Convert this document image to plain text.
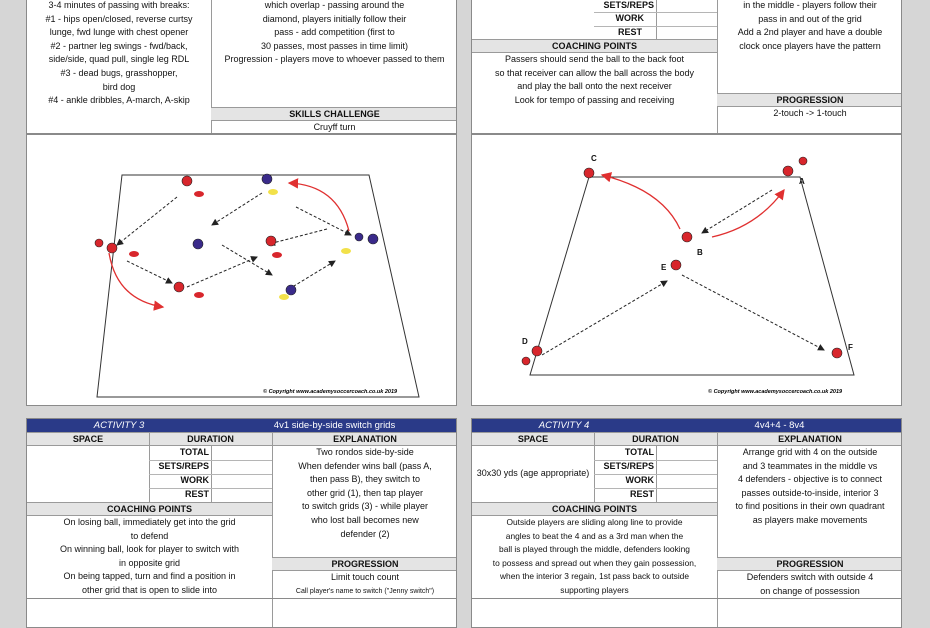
3-4 minutes of passing with breaks:
#1 - hips open/closed, reverse curtsy
lunge, fwd lunge with chest opener
#2 - partner leg swings - fwd/back,
side/side, quad pull, single leg RDL
#3 - dead bugs, grasshopper,
bird dog
#4 - ankle dribbles, A-march, A-skip
which overlap - passing around the
diamond, players initially follow their
pass - add competition (first to
30 passes, most passes in time limit)
Progression - players move to whoever passed to them
SKILLS CHALLENGE
Cruyff turn
SETS/REPS
WORK
REST
COACHING POINTS
Passers should send the ball to the back foot
so that receiver can allow the ball across the body
and play the ball onto the next receiver
Look for tempo of passing and receiving
in the middle - players follow their
pass in and out of the grid
Add a 2nd player and have a double
clock once players have the pattern
PROGRESSION
2-touch -> 1-touch
© Copyright www.academysoccercoach.co.uk 2019
C
A
B
E
D
F
© Copyright www.academysoccercoach.co.uk 2019
ACTIVITY 3	4v1 side-by-side switch grids
SPACE	DURATION	EXPLANATION
TOTAL
SETS/REPS
WORK
REST
COACHING POINTS
On losing ball, immediately get into the grid
to defend
On winning ball, look for player to switch with
in opposite grid
On being tapped, turn and find a position in
other grid that is open to slide into
Two rondos side-by-side
When defender wins ball (pass A,
then pass B), they switch to
other grid (1), then tap player
to switch grids (3) - while player
who lost ball becomes new
defender (2)
PROGRESSION
Limit touch count
Call player's name to switch ("Jenny switch")
ACTIVITY 4	4v4+4 - 8v4
SPACE	DURATION	EXPLANATION
TOTAL
SETS/REPS
WORK
REST
30x30 yds (age appropriate)
COACHING POINTS
Outside players are sliding along line to provide
angles to beat the 4 and as a 3rd man when the
ball is played through the middle, defenders looking
to possess and spread out when they gain possession,
when the interior 3 regain, 1st pass back to outside
supporting players
Arrange grid with 4 on the outside
and 3 teammates in the middle vs
4 defenders - objective is to connect
passes outside-to-inside, interior 3
to find positions in their own quadrant
as players make movements
PROGRESSION
Defenders switch with outside 4
on change of possession
